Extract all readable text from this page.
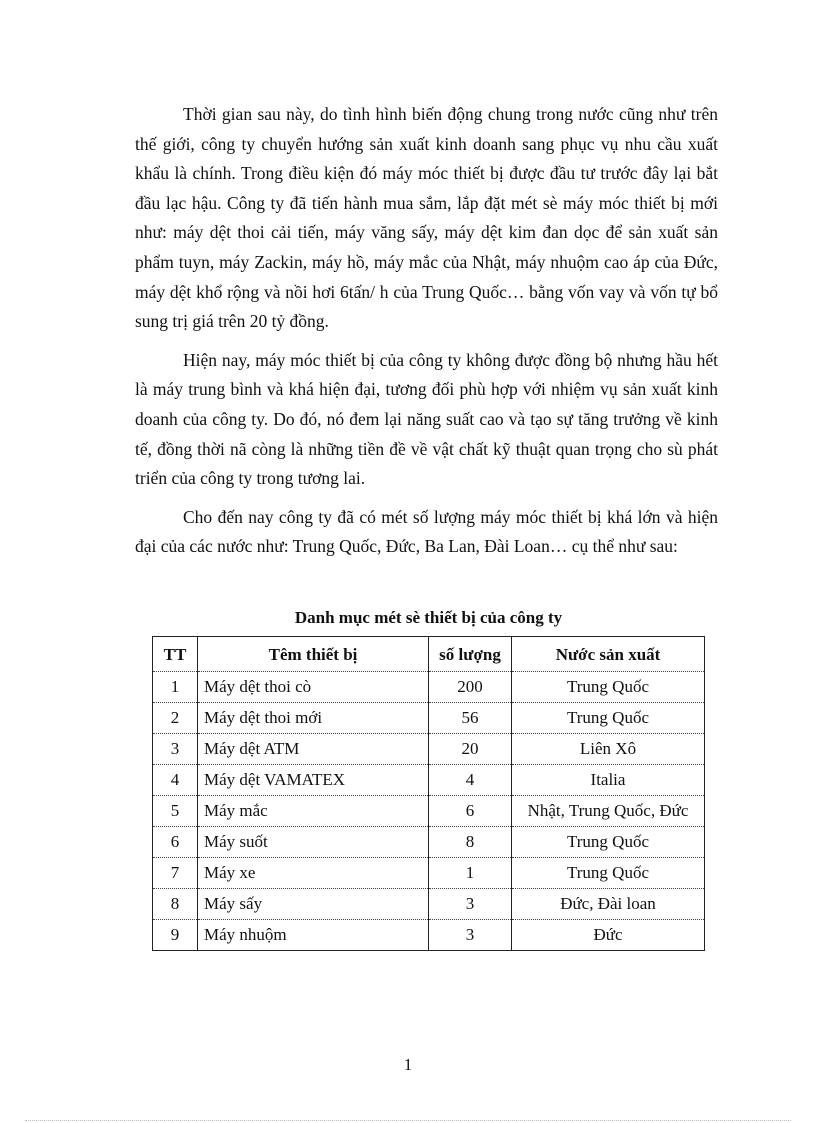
Thời gian sau này, do tình hình biến động chung trong nước cũng như trên thế giới, công ty chuyển hướng sản xuất kinh doanh sang phục vụ nhu cầu xuất khẩu là chính. Trong điều kiện đó máy móc thiết bị được đầu tư trước đây lại bắt đầu lạc hậu. Công ty đã tiến hành mua sắm, lắp đặt mét sè máy móc thiết bị mới như: máy dệt thoi cải tiến, máy văng sấy, máy dệt kim đan dọc để sản xuất sản phẩm tuyn, máy Zackin, máy hồ, máy mắc của Nhật, máy nhuộm cao áp của Đức, máy dệt khổ rộng và nồi hơi 6tấn/ h của Trung Quốc… bằng vốn vay và vốn tự bổ sung trị giá trên 20 tỷ đồng.

Hiện nay, máy móc thiết bị của công ty không được đồng bộ nhưng hầu hết là máy trung bình và khá hiện đại, tương đối phù hợp với nhiệm vụ sản xuất kinh doanh của công ty. Do đó, nó đem lại năng suất cao và tạo sự tăng trưởng về kinh tế, đồng thời nã còng là những tiền đề về vật chất kỹ thuật quan trọng cho sù phát triển của công ty trong tương lai.

Cho đến nay công ty đã có mét số lượng máy móc thiết bị khá lớn và hiện đại của các nước như: Trung Quốc, Đức, Ba Lan, Đài Loan… cụ thể như sau:

Danh mục mét sè thiết bị của công ty
TT	Têm thiết bị	số lượng	Nước sản xuất
1	Máy dệt thoi cò	200	Trung Quốc
2	Máy dệt thoi mới	56	Trung Quốc
3	Máy dệt ATM	20	Liên Xô
4	Máy dệt VAMATEX	4	Italia
5	Máy mắc	6	Nhật, Trung Quốc, Đức
6	Máy suốt	8	Trung Quốc
7	Máy xe	1	Trung Quốc
8	Máy sấy	3	Đức, Đài loan
9	Máy nhuộm	3	Đức
1
